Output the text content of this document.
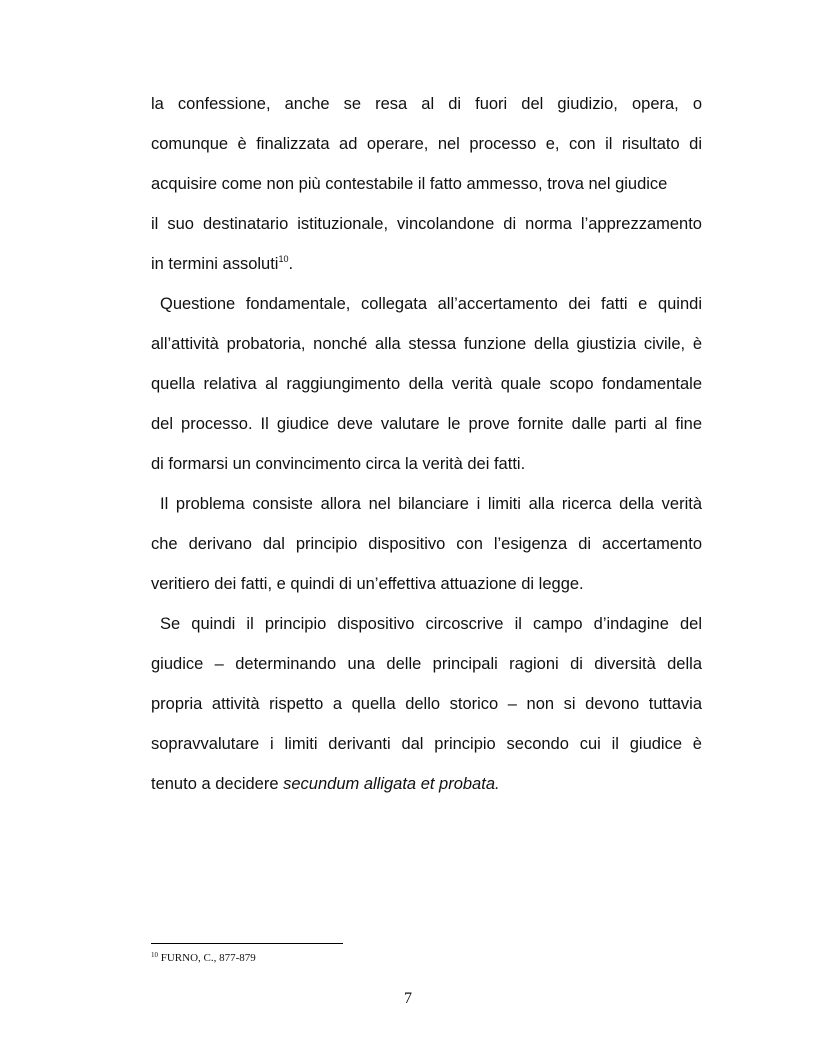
la confessione, anche se resa al di fuori del giudizio, opera, o
comunque è finalizzata ad operare, nel processo e, con il risultato di
acquisire come non più contestabile il fatto ammesso, trova nel giudice
il suo destinatario istituzionale, vincolandone di norma l’apprezzamento
in termini assoluti$^{10}$.
Questione fondamentale, collegata all’accertamento dei fatti e quindi
all’attività probatoria, nonché alla stessa funzione della giustizia civile, è
quella relativa al raggiungimento della verità quale scopo fondamentale
del processo. Il giudice deve valutare le prove fornite dalle parti al fine
di formarsi un convincimento circa la verità dei fatti.
Il problema consiste allora nel bilanciare i limiti alla ricerca della verità
che derivano dal principio dispositivo con l’esigenza di accertamento
veritiero dei fatti, e quindi di un’effettiva attuazione di legge.
Se quindi il principio dispositivo circoscrive il campo d’indagine del
giudice – determinando una delle principali ragioni di diversità della
propria attività rispetto a quella dello storico – non si devono tuttavia
sopravvalutare i limiti derivanti dal principio secondo cui il giudice è
tenuto a decidere secundum alligata et probata.
$^{10}$ FURNO, C., 877-879
7
